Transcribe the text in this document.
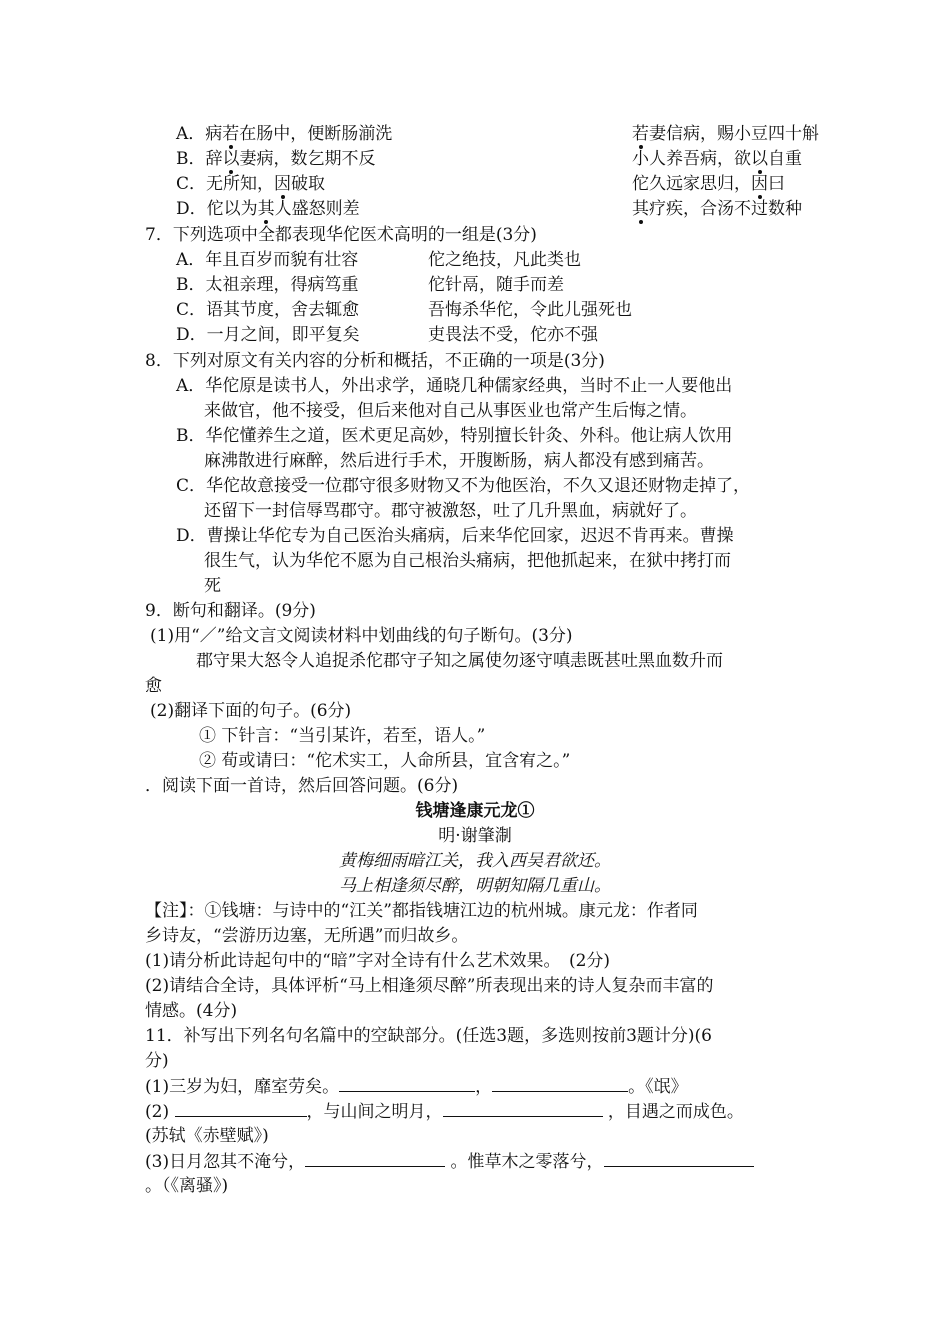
A．病若在肠中，便断肠湔洗	若妻信病，赐小豆四十斛
B．辞以妻病，数乞期不反	小人养吾病，欲以自重
C．无所知，因破取	佗久远家思归，因曰
D．佗以为其人盛怒则差	其疗疾，合汤不过数种
7．下列选项中全都表现华佗医术高明的一组是(3分)
A．年且百岁而貌有壮容	佗之绝技，凡此类也
B．太祖亲理，得病笃重	佗针鬲，随手而差
C．语其节度，舍去辄愈	吾悔杀华佗，令此儿强死也
D．一月之间，即平复矣	吏畏法不受，佗亦不强
8．下列对原文有关内容的分析和概括，不正确的一项是(3分)
A．华佗原是读书人，外出求学，通晓几种儒家经典，当时不止一人要他出
来做官，他不接受，但后来他对自己从事医业也常产生后悔之情。
B．华佗懂养生之道，医术更足高妙，特别擅长针灸、外科。他让病人饮用
麻沸散进行麻醉，然后进行手术，开腹断肠，病人都没有感到痛苦。
C．华佗故意接受一位郡守很多财物又不为他医治，不久又退还财物走掉了，
还留下一封信辱骂郡守。郡守被激怒，吐了几升黑血，病就好了。
D．曹操让华佗专为自己医治头痛病，后来华佗回家，迟迟不肯再来。曹操
很生气，认为华佗不愿为自己根治头痛病，把他抓起来，在狱中拷打而
死
9．断句和翻译。(9分)
(1)用“／”给文言文阅读材料中划曲线的句子断句。(3分)
郡守果大怒令人追捉杀佗郡守子知之属使勿逐守嗔恚既甚吐黑血数升而
愈
(2)翻译下面的句子。(6分)
① 下针言：“当引某许，若至，语人。”
② 荀或请曰：“佗术实工，人命所县，宜含宥之。”
．阅读下面一首诗，然后回答问题。(6分)
钱塘逢康元龙①
明·谢肇淛
黄梅细雨暗江关，我入西吴君欲还。
马上相逢须尽醉，明朝知隔几重山。
【注】：①钱塘：与诗中的“江关”都指钱塘江边的杭州城。康元龙：作者同
乡诗友，“尝游历边塞，无所遇”而归故乡。
(1)请分析此诗起句中的“暗”字对全诗有什么艺术效果。　(2分)
(2)请结合全诗，具体评析“马上相逢须尽醉”所表现出来的诗人复杂而丰富的
情感。(4分)
11．补写出下列名句名篇中的空缺部分。(任选3题，多选则按前3题计分)(6
分)
(1)三岁为妇，靡室劳矣。	，	。《氓》
(2)	，与山间之明月，	，目遇之而成色。
(苏轼《赤壁赋》)
(3)日月忽其不淹兮，	。惟草木之零落兮，
。（《离骚》)
